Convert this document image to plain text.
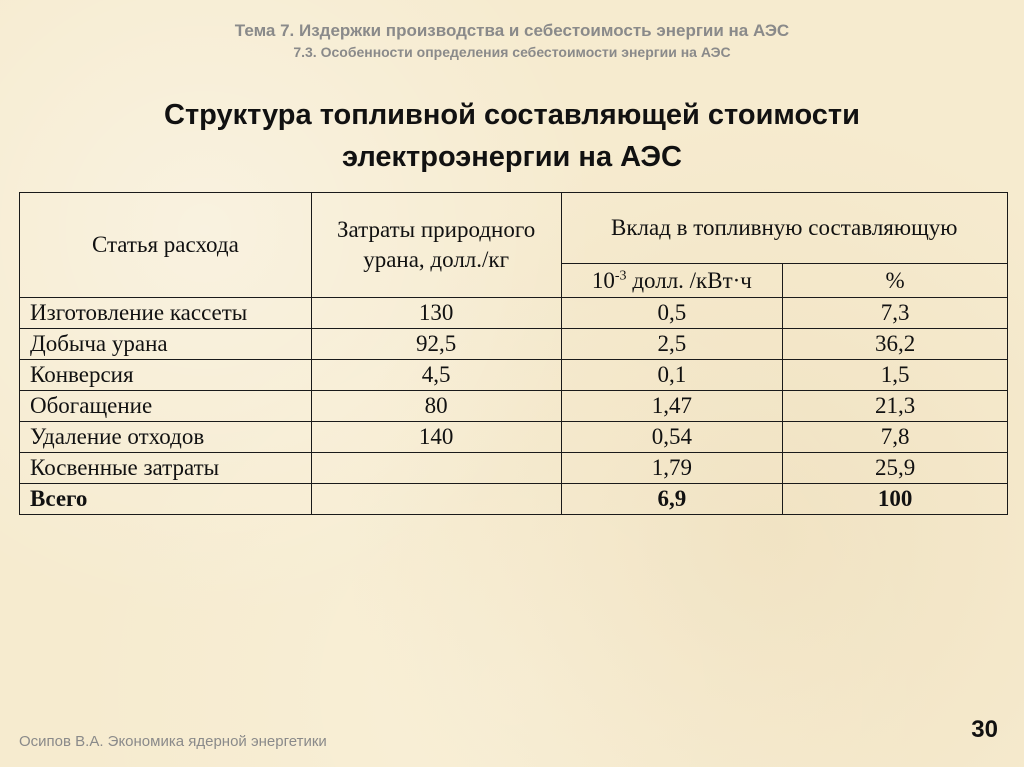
Тема 7. Издержки производства и себестоимость энергии на АЭС
7.3. Особенности определения себестоимости энергии на АЭС
Структура топливной составляющей стоимости
электроэнергии на АЭС
Статья расхода	Затраты природного урана, долл./кг	Вклад в топливную составляющую	
		$10^{-3}$ долл. /кВт·ч	%
Изготовление кассеты	130	0,5	7,3
Добыча урана	92,5	2,5	36,2
Конверсия	4,5	0,1	1,5
Обогащение	80	1,47	21,3
Удаление отходов	140	0,54	7,8
Косвенные затраты		1,79	25,9
Всего		6,9	100
Осипов В.А. Экономика ядерной энергетики	30
